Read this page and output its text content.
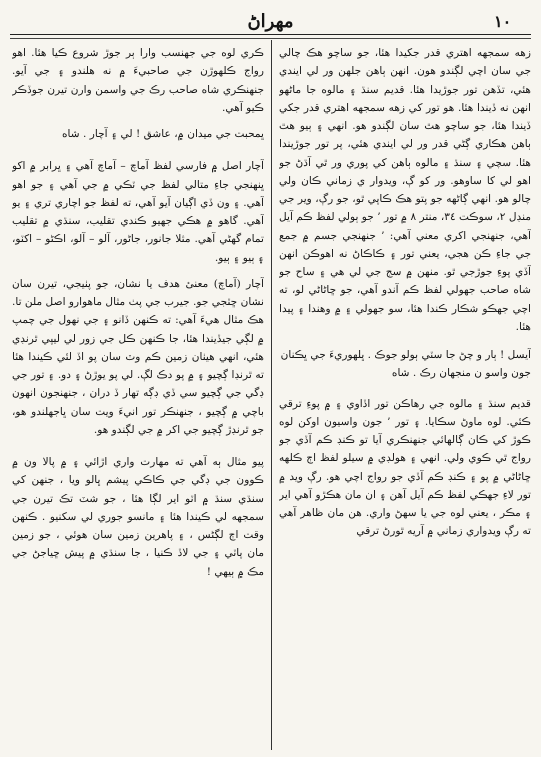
١٠
مهراڻ

زهه سمجهه اهتري قدر جکيدا هئا، جو ساچو هڪ چالي جي سان اچي لڳندو هون. انهن ٻاهن جلهن ور لي ايندي هئي، تڏهن تور جوڙيدا هئا. قديم سنڌ ۽ مالوه جا ماڻهو انهن نه ڏيندا هئا. هو تور کي زهه سمجهه اهتري قدر جکي ڏيندا هئا، جو ساچو هٿ سان لڳندو هو. انهي ۽ ٻيو هٿ ٻاهن هڪاري ڳڻي قدر ور لي ايندي هئي، پر تور جوڙيندا هئا. سچي ۽ سنڌ ۽ مالوه ٻاهن کي پوري ور ٿي آڌڻ جو اهو لي کا ساوهو. ور کو ڳ، ويدوار ي زماني ڪان ولي چالو هو. انهي ڳاڻهه جو پتو هڪ ڪاپي ٿو، جو رڳ، وير جي منڊل ٢، سوڪت ٣٤، منتر ٨ ۾ تور ’ جو ٻولي لفظ ڪم آيل آهي، جنهنجي اکري معني آهي: ’ جنهنجي جسم ۾ جمع جي جاءِ ڪن هجي، يعني تور ۽ ڪاڪاڻ نه اهوڪن انهن آڏي پوءِ جوڙجي ٿو. منهن ۾ سج جي لي هي ۽ ساح جو شاه صاحب جهولي لفظ ڪم آندو آهي، جو ڇاڻاڻي لو، ته اچي جهڪو شڪار ڪندا هئا، سو جهولي ۽ ۾ وهندا ۽ پيدا هئا.

آيسل ! ٻار و چڻ جا سٽي ٻولو جوڪ . ڀلهوريءَ جي ڀڪنان جون واسو ن منجهان رڪ . شاه

قديم سنڌ ۽ مالوه جي رهاڪن تور اڏاوي ۽ ۾ پوءِ ترقي ڪئي. لوه ماوڻ سڪايا. ۽ تور ’ جون واسيون اوکن لوه ڪوڙ کي ڪان ڳالهائي جنهنڪري آيا تو ڪنڊ ڪم آڏي جو رواج ٿي ڪوي ولي. انهي ۽ هولڊي ۾ سيلو لفظ اڄ ڪلهه ڇاڻاڻي ۾ پو ۽ ڪنڊ ڪم آڏي جو رواج اچي هو. رڳ ويد ۾ تور لاءِ جهڪي لفظ ڪم آيل آهن ۽ ان مان هڪڙو آهي اير ۽ مڪر ، يعني لوه جي يا سهڻ واري. هن مان ظاهر آهي ته رڳ ويدواري زماني ۾ آريه ٿورڻ ترقي

ڪري لوه جي جهنسب وارا ٻر جوڙ شروع ڪيا هئا. اهو رواج ڪلهوڙن جي صاحبيءَ ۾ نه هلندو ۽ جي آيو. جنهنڪري شاه صاحب رڪ جي واسمن وارن تيرن جوڏڪر ڪيو آهي.

ڀمحبت جي ميدان ۾، عاشق ! لي ۽ آچار . شاه

آچار اصل ۾ فارسي لفظ آماچ – آماچ آهي ۽ ڀرابر ۾ اکو ڀنهنجي جاءِ متالي لفظ جي ٽڪي ۾ جي آهي ۽ جو اهو آهي. ۽ ون ڏي اڳيان آيو آهي، ته لفظ جو اچاري تري ۽ يو آهي. گاهو ۾ هڪي جهيو ڪندي تقليب، سنڌي ۾ تقليب تمام گهڻي آهي. مثلا جانور، جاڻور، آلو – آلو، اڪڻو – اکٽو، ۽ ٻيو ۽ ٻيو.

آچار (آماچ) معنئ هدف يا نشان، جو پٺيجي، تيرن سان نشان ڇٽجي جو. جيرب جي پٺ مثال ماهوارو اصل ملن تا. هڪ مثال هيءَ آهي: ته ڪنهن ڏانو ۽ جي نهول جي چمپ ۾ لڳي جيڏيندا هئا، جا ڪنهن ڪل جي زور لي ليپي ٿرنڊي هئي، انهي هيٺان زمين ڪم وٽ سان پو اڏ لئي ڪيندا هئا ته ٿرنڊا ڳچيو ۽ ۾ پو دڪ لڳ. لي پو يوڙڻ ۽ دو. ۽ تور جي ڊگي جي ڳچيو سي ڏي ڊڳه تهار ڏ دران ، جنهنجون انهون باچي ۾ ڳچيو ، جنهنڪر تور انيءَ ويت سان ڀاجهلندو هو، جو ٿرنڊڙ ڳچيو جي اکر ۾ جي لڳندو هو.

پيو مثال ٻه آهي ته مهارت واري اڙائي ۽ ۾ پالا ون ۾ ڪوون جي ڊگي جي ڪاڪي پيشم ڀالو ويا ، جنهن کي سنڌي سنڌ ۾ اٽو اير لڳا هئا ، جو شٽ تڪ تيرن جي سمجهه لي ڪيندا هئا ۽ مانسو جوري لي سکنيو . ڪنهن وقت اڄ لڳڻس ، ۽ پاهرين زمين سان هوئي ، جو زمين مان پاٽي ۽ جي لاڏ ڪنيا ، جا سنڌي ۾ پيش ڇياجڻ جي مڪ ۾ ٻيهي !
